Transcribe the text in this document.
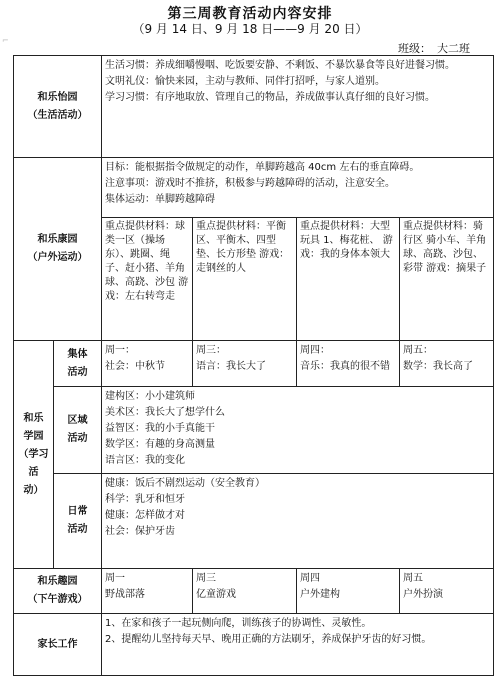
⌐
第三周教育活动内容安排
（9 月 14 日、9 月 18 日——9 月 20 日）
班级： 大二班
和乐怡园
（生活活动）		生活习惯：养成细嚼慢咽、吃饭要安静、不剩饭、不暴饮暴食等良好进餐习惯。
文明礼仪：愉快来园，主动与教师、同伴打招呼，与家人道别。
学习习惯：有序地取放、管理自己的物品，养成做事认真仔细的良好习惯。			

和乐康园
（户外运动）		目标：能根据指令做规定的动作，单脚跨越高 40cm 左右的垂直障碍。
注意事项：游戏时不推挤，积极参与跨越障碍的活动，注意安全。
集体运动：单脚跨越障碍			

		重点提供材料：球类一区（操场东）、跳圈、绳子、赶小猪、羊角球、高跷、沙包 游戏：左右转弯走	重点提供材料：平衡区、平衡木、四型垫、长方形垫 游戏：走钢丝的人	重点提供材料：大型玩具 1、梅花桩、 游戏：我的身体本领大	重点提供材料：骑行区 骑小车、羊角球、高跷、沙包、彩带 游戏：摘果子

和乐
学园
（学习活
动）	集体
活动	周一：
社会：中秋节	周三：
语言：我长大了	周四：
音乐：我真的很不错	周五：
数学：我长高了

	区域
活动	建构区：小小建筑师
美术区：我长大了想学什么
益智区：我的小手真能干
数学区：有趣的身高测量
语言区：我的变化			

	日常
活动	健康：饭后不剧烈运动（安全教育）
科学：乳牙和恒牙
健康：怎样做才对
社会：保护牙齿			

和乐趣园
（下午游戏）		周一
野战部落	周三
亿童游戏	周四
户外建构	周五
户外扮演

家长工作		1、在家和孩子一起玩侧向爬，训练孩子的协调性、灵敏性。
2、提醒幼儿坚持每天早、晚用正确的方法刷牙，养成保护牙齿的好习惯。			
